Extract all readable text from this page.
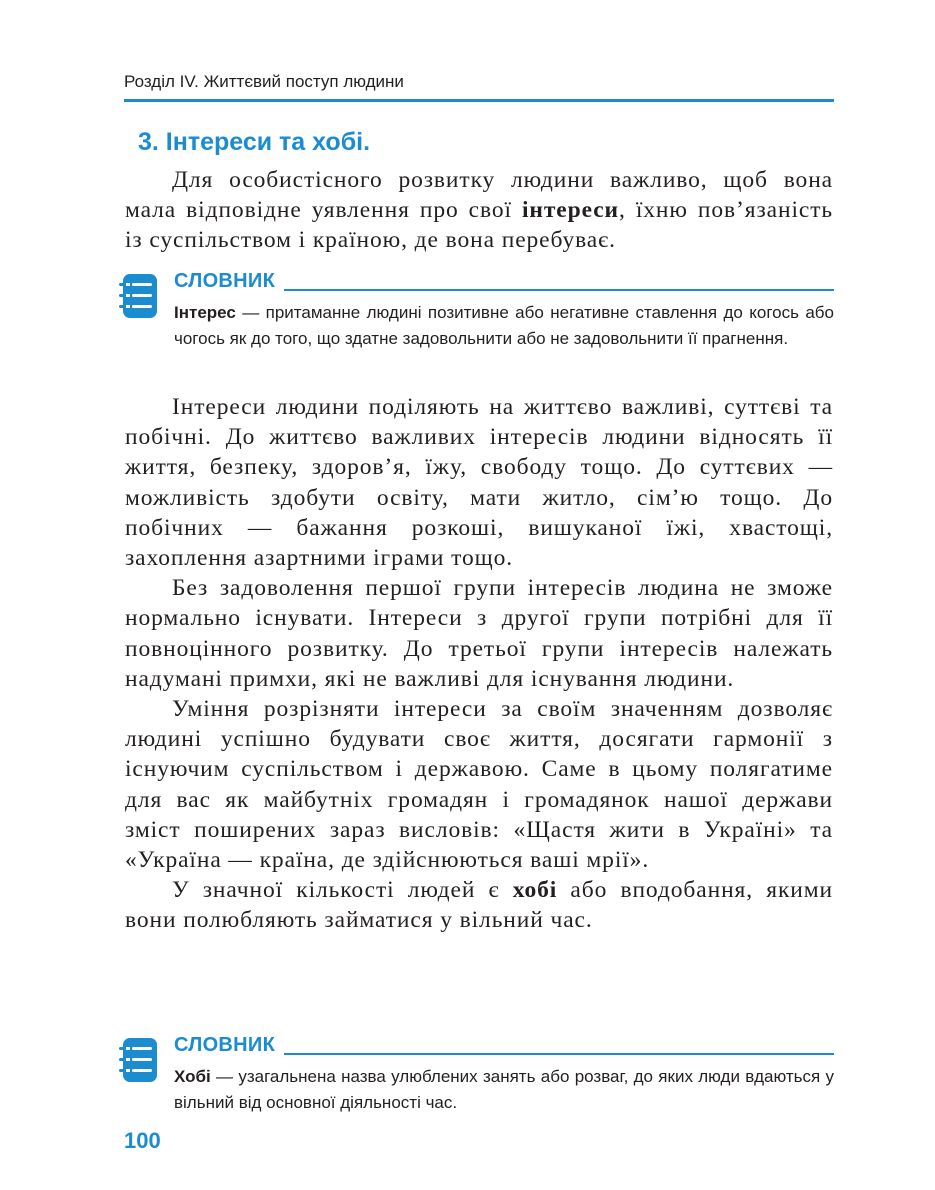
Розділ IV. Життєвий поступ людини
3. Інтереси та хобі.

Для особистісного розвитку людини важливо, щоб вона мала відповідне уявлення про свої інтереси, їхню пов’язаність із суспільством і країною, де вона перебуває.

СЛОВНИК
Інтерес — притаманне людині позитивне або негативне ставлення до когось або чогось як до того, що здатне задовольнити або не задовольнити її прагнення.

Інтереси людини поділяють на життєво важливі, суттєві та побічні. До життєво важливих інтересів людини відносять її життя, безпеку, здоров’я, їжу, свободу тощо. До суттєвих — можливість здобути освіту, мати житло, сім’ю тощо. До побічних — бажання розкоші, вишуканої їжі, хвастощі, захоплення азартними іграми тощо.

Без задоволення першої групи інтересів людина не зможе нормально існувати. Інтереси з другої групи потрібні для її повноцінного розвитку. До третьої групи інтересів належать надумані примхи, які не важливі для існування людини.

Уміння розрізняти інтереси за своїм значенням дозволяє людині успішно будувати своє життя, досягати гармонії з існуючим суспільством і державою. Саме в цьому полягатиме для вас як майбутніх громадян і громадянок нашої держави зміст поширених зараз висловів: «Щастя жити в Україні» та «Україна — країна, де здійснюються ваші мрії».

У значної кількості людей є хобі або вподобання, якими вони полюбляють займатися у вільний час.

СЛОВНИК
Хобі — узагальнена назва улюблених занять або розваг, до яких люди вдаються у вільний від основної діяльності час.
100
